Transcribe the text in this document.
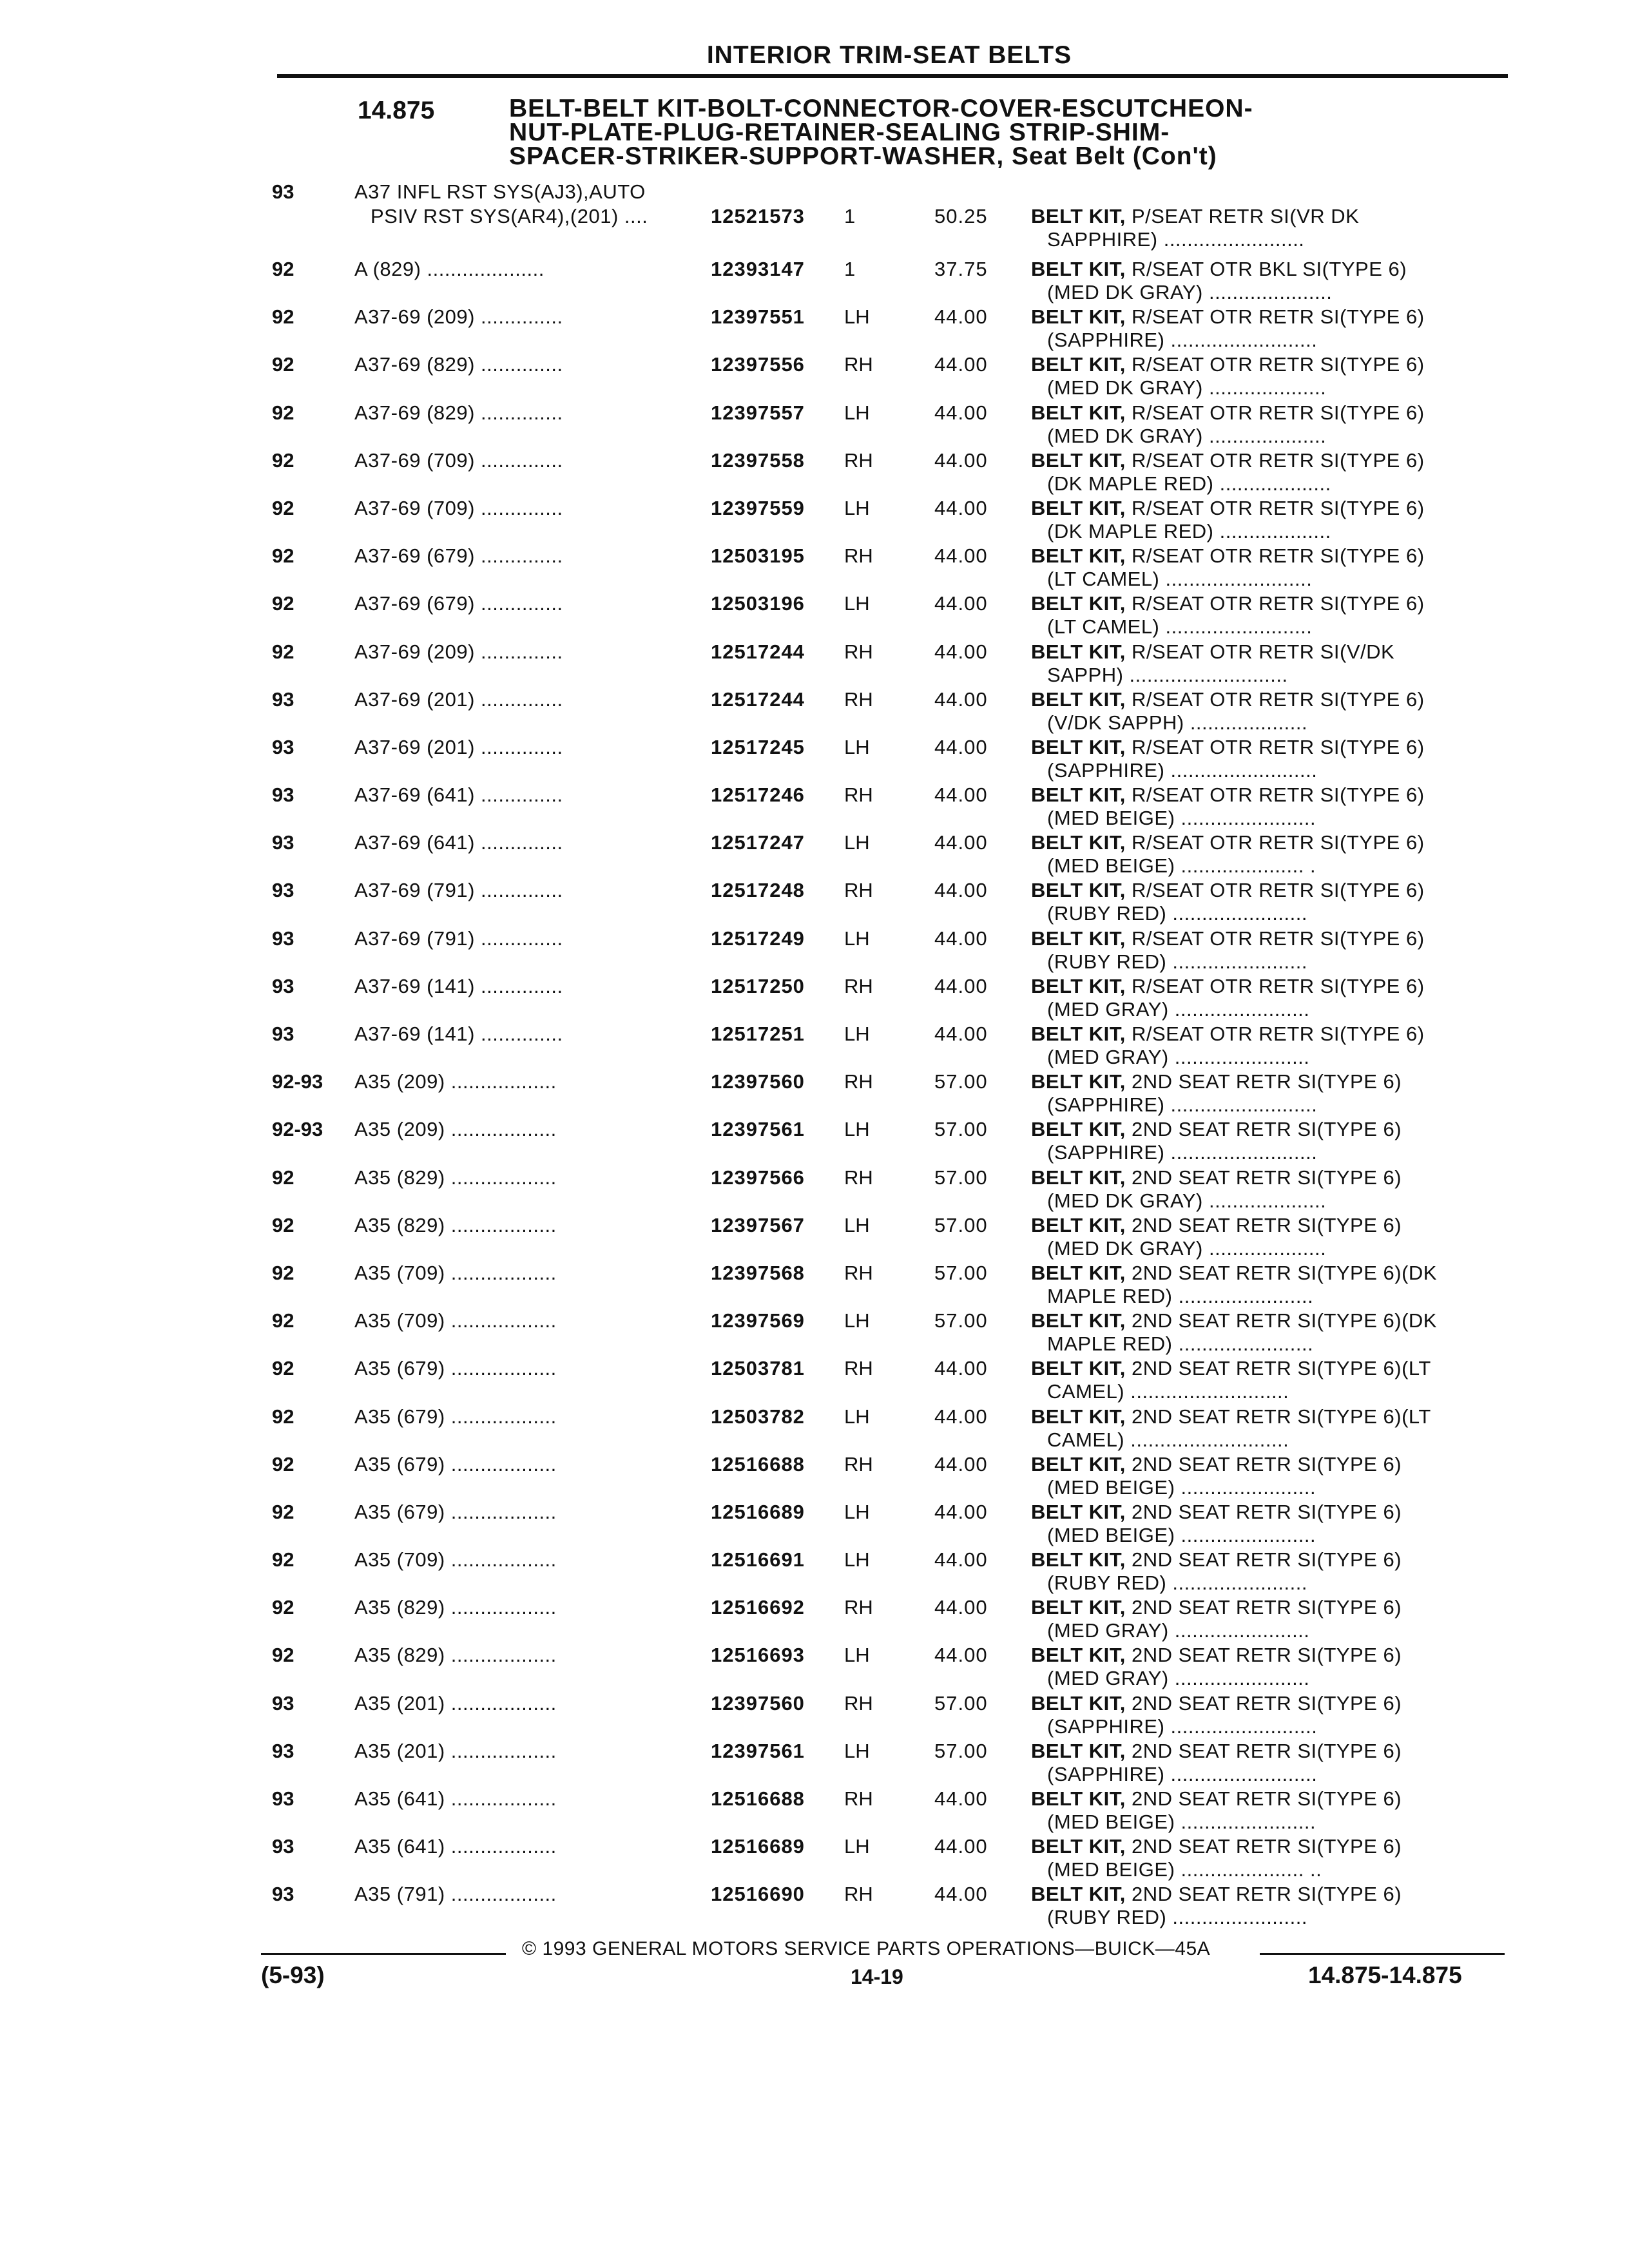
INTERIOR TRIM-SEAT BELTS
14.875	BELT-BELT KIT-BOLT-CONNECTOR-COVER-ESCUTCHEON-
NUT-PLATE-PLUG-RETAINER-SEALING STRIP-SHIM-
SPACER-STRIKER-SUPPORT-WASHER, Seat Belt (Con't)
93	A37 INFL RST SYS(AJ3),AUTO
PSIV RST SYS(AR4),(201) ....	12521573 1	50.25 BELT KIT, P/SEAT RETR SI(VR DK
SAPPHIRE) ........................
92	A (829) ....................	12393147 1	37.75 BELT KIT, R/SEAT OTR BKL SI(TYPE 6)
(MED DK GRAY) .....................
92	A37-69 (209) ..............	12397551 LH	44.00 BELT KIT, R/SEAT OTR RETR SI(TYPE 6)
(SAPPHIRE) .........................
92	A37-69 (829) ..............	12397556 RH	44.00 BELT KIT, R/SEAT OTR RETR SI(TYPE 6)
(MED DK GRAY) ....................
92	A37-69 (829) ..............	12397557 LH	44.00 BELT KIT, R/SEAT OTR RETR SI(TYPE 6)
(MED DK GRAY) ....................
92	A37-69 (709) ..............	12397558 RH	44.00 BELT KIT, R/SEAT OTR RETR SI(TYPE 6)
(DK MAPLE RED) ...................
92	A37-69 (709) ..............	12397559 LH	44.00 BELT KIT, R/SEAT OTR RETR SI(TYPE 6)
(DK MAPLE RED) ...................
92	A37-69 (679) ..............	12503195 RH	44.00 BELT KIT, R/SEAT OTR RETR SI(TYPE 6)
(LT CAMEL) .........................
92	A37-69 (679) ..............	12503196 LH	44.00 BELT KIT, R/SEAT OTR RETR SI(TYPE 6)
(LT CAMEL) .........................
92	A37-69 (209) ..............	12517244 RH	44.00 BELT KIT, R/SEAT OTR RETR SI(V/DK
SAPPH) ...........................
93	A37-69 (201) ..............	12517244 RH	44.00 BELT KIT, R/SEAT OTR RETR SI(TYPE 6)
(V/DK SAPPH) ....................
93	A37-69 (201) ..............	12517245 LH	44.00 BELT KIT, R/SEAT OTR RETR SI(TYPE 6)
(SAPPHIRE) .........................
93	A37-69 (641) ..............	12517246 RH	44.00 BELT KIT, R/SEAT OTR RETR SI(TYPE 6)
(MED BEIGE) .......................
93	A37-69 (641) ..............	12517247 LH	44.00 BELT KIT, R/SEAT OTR RETR SI(TYPE 6)
(MED BEIGE) ..................... .
93	A37-69 (791) ..............	12517248 RH	44.00 BELT KIT, R/SEAT OTR RETR SI(TYPE 6)
(RUBY RED) .......................
93	A37-69 (791) ..............	12517249 LH	44.00 BELT KIT, R/SEAT OTR RETR SI(TYPE 6)
(RUBY RED) .......................
93	A37-69 (141) ..............	12517250 RH	44.00 BELT KIT, R/SEAT OTR RETR SI(TYPE 6)
(MED GRAY) .......................
93	A37-69 (141) ..............	12517251 LH	44.00 BELT KIT, R/SEAT OTR RETR SI(TYPE 6)
(MED GRAY) .......................
92-93 A35 (209) ..................	12397560 RH	57.00 BELT KIT, 2ND SEAT RETR SI(TYPE 6)
(SAPPHIRE) .........................
92-93 A35 (209) ..................	12397561 LH	57.00 BELT KIT, 2ND SEAT RETR SI(TYPE 6)
(SAPPHIRE) .........................
92	A35 (829) ..................	12397566 RH	57.00 BELT KIT, 2ND SEAT RETR SI(TYPE 6)
(MED DK GRAY) ....................
92	A35 (829) ..................	12397567 LH	57.00 BELT KIT, 2ND SEAT RETR SI(TYPE 6)
(MED DK GRAY) ....................
92	A35 (709) ..................	12397568 RH	57.00 BELT KIT, 2ND SEAT RETR SI(TYPE 6)(DK
MAPLE RED) .......................
92	A35 (709) ..................	12397569 LH	57.00 BELT KIT, 2ND SEAT RETR SI(TYPE 6)(DK
MAPLE RED) .......................
92	A35 (679) ..................	12503781 RH	44.00 BELT KIT, 2ND SEAT RETR SI(TYPE 6)(LT
CAMEL) ...........................
92	A35 (679) ..................	12503782 LH	44.00 BELT KIT, 2ND SEAT RETR SI(TYPE 6)(LT
CAMEL) ...........................
92	A35 (679) ..................	12516688 RH	44.00 BELT KIT, 2ND SEAT RETR SI(TYPE 6)
(MED BEIGE) .......................
92	A35 (679) ..................	12516689 LH	44.00 BELT KIT, 2ND SEAT RETR SI(TYPE 6)
(MED BEIGE) .......................
92	A35 (709) ..................	12516691 LH	44.00 BELT KIT, 2ND SEAT RETR SI(TYPE 6)
(RUBY RED) .......................
92	A35 (829) ..................	12516692 RH	44.00 BELT KIT, 2ND SEAT RETR SI(TYPE 6)
(MED GRAY) .......................
92	A35 (829) ..................	12516693 LH	44.00 BELT KIT, 2ND SEAT RETR SI(TYPE 6)
(MED GRAY) .......................
93	A35 (201) ..................	12397560 RH	57.00 BELT KIT, 2ND SEAT RETR SI(TYPE 6)
(SAPPHIRE) .........................
93	A35 (201) ..................	12397561 LH	57.00 BELT KIT, 2ND SEAT RETR SI(TYPE 6)
(SAPPHIRE) .........................
93	A35 (641) ..................	12516688 RH	44.00 BELT KIT, 2ND SEAT RETR SI(TYPE 6)
(MED BEIGE) .......................
93	A35 (641) ..................	12516689 LH	44.00 BELT KIT, 2ND SEAT RETR SI(TYPE 6)
(MED BEIGE) ..................... ..
93	A35 (791) ..................	12516690 RH	44.00 BELT KIT, 2ND SEAT RETR SI(TYPE 6)
(RUBY RED) .......................
© 1993 GENERAL MOTORS SERVICE PARTS OPERATIONS—BUICK—45A
(5-93)	14-19	14.875-14.875
